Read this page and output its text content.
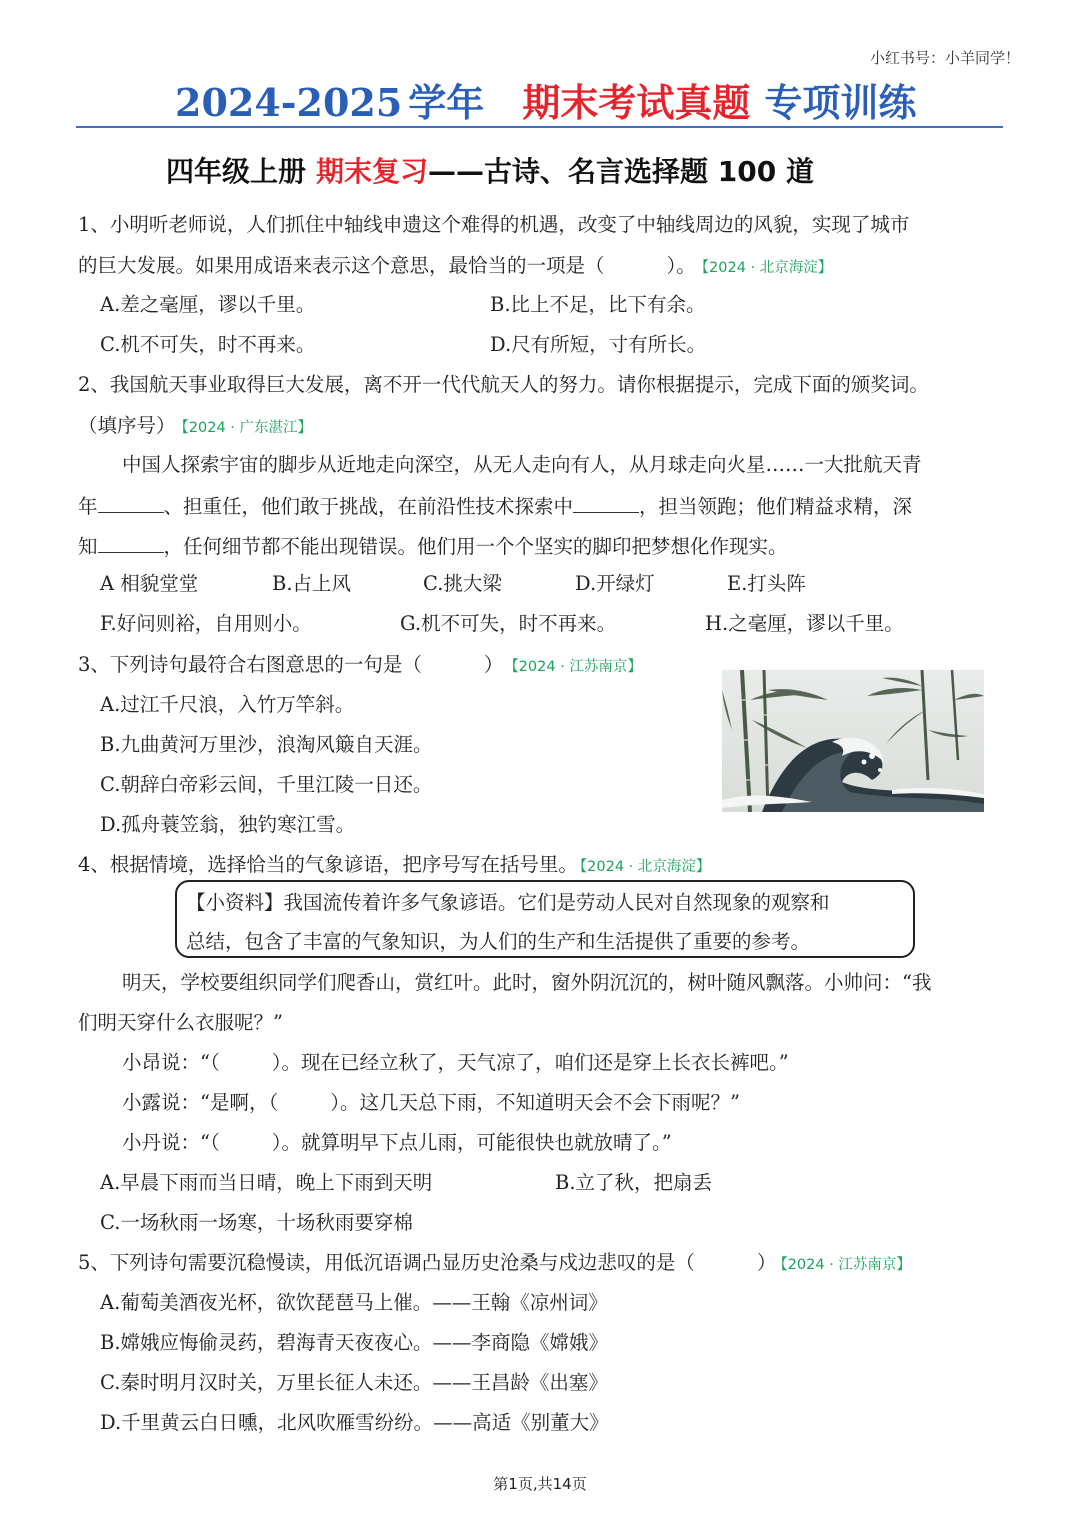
小红书号：小羊同学！
2024-2025 学年 期末考试真题 专项训练
四年级上册 期末复习——古诗、名言选择题 100 道
1、小明听老师说，人们抓住中轴线申遗这个难得的机遇，改变了中轴线周边的风貌，实现了城市
的巨大发展。如果用成语来表示这个意思，最恰当的一项是（	）。 【2024 · 北京海淀】
A.差之毫厘，谬以千里。	B.比上不足，比下有余。
C.机不可失，时不再来。	D.尺有所短，寸有所长。
2、我国航天事业取得巨大发展，离不开一代代航天人的努力。请你根据提示，完成下面的颁奖词。
（填序号） 【2024 · 广东湛江】
中国人探索宇宙的脚步从近地走向深空，从无人走向有人，从月球走向火星……一大批航天青
年	、担重任，他们敢于挑战，在前沿性技术探索中	，担当领跑；他们精益求精，深
知	，任何细节都不能出现错误。他们用一个个坚实的脚印把梦想化作现实。
A 相貌堂堂	B.占上风	C.挑大梁	D.开绿灯	E.打头阵
F.好问则裕，自用则小。	G.机不可失，时不再来。	H.之毫厘，谬以千里。
3、下列诗句最符合右图意思的一句是（	） 【2024 · 江苏南京】
A.过江千尺浪，入竹万竿斜。
B.九曲黄河万里沙，浪淘风簸自天涯。
C.朝辞白帝彩云间，千里江陵一日还。
D.孤舟蓑笠翁，独钓寒江雪。
4、根据情境，选择恰当的气象谚语，把序号写在括号里。 【2024 · 北京海淀】
【小资料】我国流传着许多气象谚语。它们是劳动人民对自然现象的观察和
总结，包含了丰富的气象知识，为人们的生产和生活提供了重要的参考。
明天，学校要组织同学们爬香山，赏红叶。此时，窗外阴沉沉的，树叶随风飘落。小帅问：“我
们明天穿什么衣服呢？”
小昂说：“（	）。现在已经立秋了，天气凉了，咱们还是穿上长衣长裤吧。”
小露说：“是啊，（	）。这几天总下雨，不知道明天会不会下雨呢？”
小丹说：“（	）。就算明早下点儿雨，可能很快也就放晴了。”
A.早晨下雨而当日晴，晚上下雨到天明	B.立了秋，把扇丢
C.一场秋雨一场寒，十场秋雨要穿棉
5、下列诗句需要沉稳慢读，用低沉语调凸显历史沧桑与戍边悲叹的是（	） 【2024 · 江苏南京】
A.葡萄美酒夜光杯，欲饮琵琶马上催。——王翰《凉州词》
B.嫦娥应悔偷灵药，碧海青天夜夜心。——李商隐《嫦娥》
C.秦时明月汉时关，万里长征人未还。——王昌龄《出塞》
D.千里黄云白日曛，北风吹雁雪纷纷。——高适《别董大》
第1页,共14页
